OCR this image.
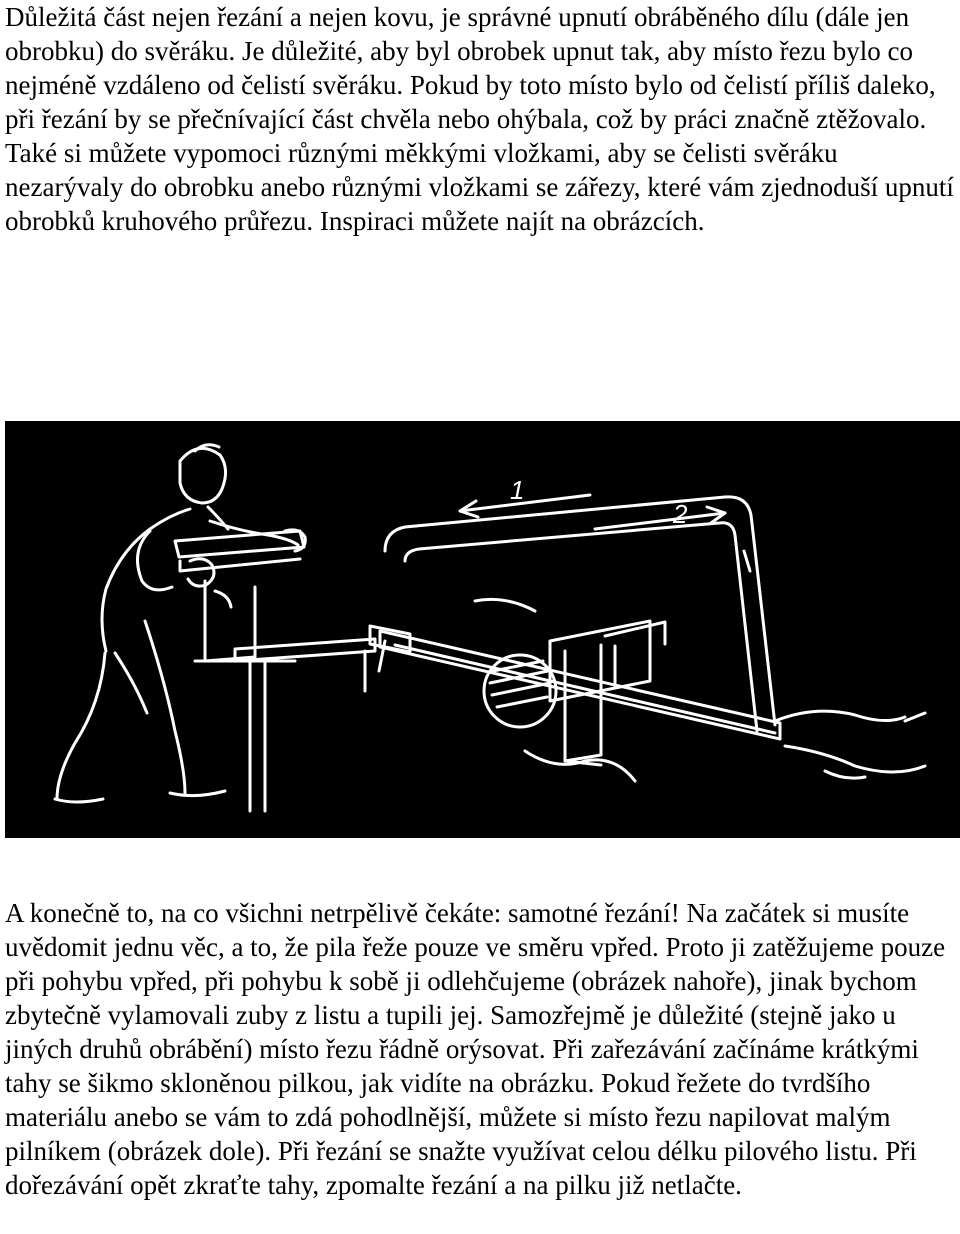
Důležitá část nejen řezání a nejen kovu, je správné upnutí obráběného dílu (dále jen obrobku) do svěráku. Je důležité, aby byl obrobek upnut tak, aby místo řezu bylo co nejméně vzdáleno od čelistí svěráku. Pokud by toto místo bylo od čelistí příliš daleko, při řezání by se přečnívající část chvěla nebo ohýbala, což by práci značně ztěžovalo. Také si můžete vypomoci různými měkkými vložkami, aby se čelisti svěráku nezarývaly do obrobku anebo různými vložkami se zářezy, které vám zjednoduší upnutí obrobků kruhového průřezu. Inspiraci můžete najít na obrázcích.

1
2

A konečně to, na co všichni netrpělivě čekáte: samotné řezání! Na začátek si musíte uvědomit jednu věc, a to, že pila řeže pouze ve směru vpřed. Proto ji zatěžujeme pouze při pohybu vpřed, při pohybu k sobě ji odlehčujeme (obrázek nahoře), jinak bychom zbytečně vylamovali zuby z listu a tupili jej. Samozřejmě je důležité (stejně jako u jiných druhů obrábění) místo řezu řádně orýsovat. Při zařezávání začínáme krátkými tahy se šikmo skloněnou pilkou, jak vidíte na obrázku. Pokud řežete do tvrdšího materiálu anebo se vám to zdá pohodlnější, můžete si místo řezu napilovat malým pilníkem (obrázek dole). Při řezání se snažte využívat celou délku pilového listu. Při dořezávání opět zkraťte tahy, zpomalte řezání a na pilku již netlačte.
